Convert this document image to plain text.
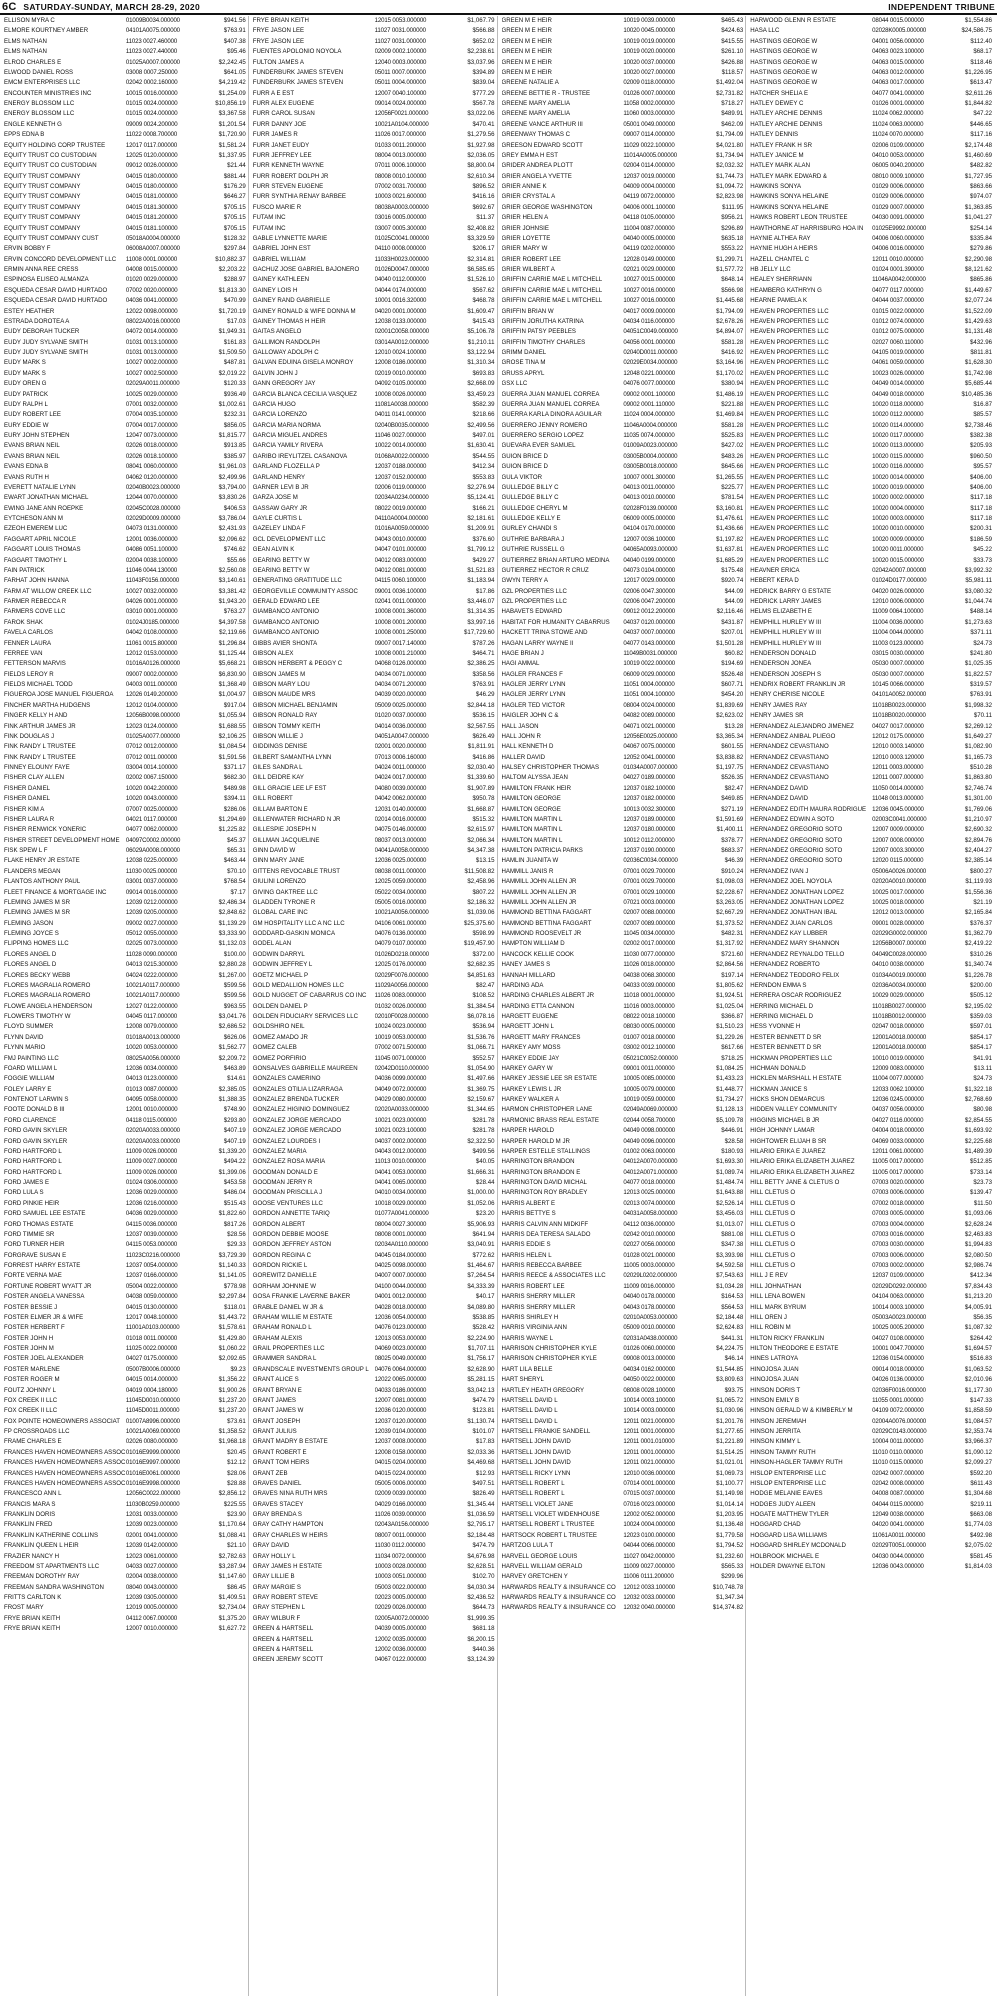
6C SATURDAY-SUNDAY, MARCH 28-29, 2020	INDEPENDENT TRIBUNE
ELLISON MYRA C	01009B0034.000000	$941.56
ELMORE KOURTNEY AMBER	04101A0075.000000	$763.91
ELMS NATHAN	11023 0027.460000	$407.38
ELMS NATHAN	11023 0027.440000	$95.46
ELROD CHARLES E	01025A0007.000000	$2,242.45
ELWOOD DANIEL ROSS	03008 0007.250000	$641.05
EMCM ENTERPRISES LLC	02042 0002.160000	$4,219.42
ENCOUNTER MINISTRIES INC	10015 0016.000000	$1,254.09
ENERGY BLOSSOM LLC	01015 0024.000000	$10,856.19
ENERGY BLOSSOM LLC	01015 0024.000000	$3,367.58
ENGLE KENNETH G	09009 0024.200000	$1,201.54
EPPS EDNA B	11022 0008.700000	$1,720.90
EQUITY HOLDING CORP TRUSTEE	12017 0117.000000	$1,581.24
EQUITY TRUST CO CUSTODIAN	12025 0120.000000	$1,337.95
EQUITY TRUST CO CUSTODIAN	09012 0026.000000	$21.44
EQUITY TRUST COMPANY	04015 0180.000000	$881.44
EQUITY TRUST COMPANY	04015 0180.000000	$176.29
EQUITY TRUST COMPANY	04015 0181.000000	$646.27
EQUITY TRUST COMPANY	04015 0181.300000	$705.15
EQUITY TRUST COMPANY	04015 0181.200000	$705.15
EQUITY TRUST COMPANY	04015 0181.100000	$705.15
EQUITY TRUST COMPANY CUST	05018A0004.000000	$128.32
ERVIN BOBBY F	06008A0007.000000	$297.84
ERVIN CONCORD DEVELOPMENT LLC	11008 0001.000000	$10,882.37
ERMIN ANNA REE CRESS	04008 0015.000000	$2,203.22
ESPINOSA ELISEO ALMANZA	01020 0029.000000	$288.97
ESQUEDA CESAR DAVID HURTADO	07002 0020.000000	$1,813.30
ESQUEDA CESAR DAVID HURTADO	04036 0041.000000	$470.99
ESTEY HEATHER	12022 0098.000000	$1,720.19
ESTRADA DOROTEA A	08022A0016.000000	$17.03
EUDY DEBORAH TUCKER	04072 0014.000000	$1,949.31
EUDY JUDY SYLVANE SMITH	01031 0013.100000	$161.83
EUDY JUDY SYLVANE SMITH	01031 0013.000000	$1,509.50
EUDY MARK S	10027 0002.000000	$487.81
EUDY MARK S	10027 0002.500000	$2,019.22
EUDY OREN G	02029A0011.000000	$120.33
EUDY PATRICK	10025 0029.000000	$936.49
EUDY RALPH L	07001 0032.000000	$1,002.61
EUDY ROBERT LEE	07004 0035.100000	$232.31
EURY EDDIE W	07004 0017.000000	$856.05
EURY JOHN STEPHEN	12047 0073.000000	$1,815.77
EVANS BRIAN NEIL	02026 0018.000000	$913.85
EVANS BRIAN NEIL	02026 0018.100000	$385.97
EVANS EDNA B	08041 0060.000000	$1,961.03
EVANS RUTH H	04062 0120.000000	$2,499.96
EVERETT NATALIE LYNN	02040B0023.000000	$3,794.00
EWART JONATHAN MICHAEL	12044 0070.000000	$3,830.26
EWING JANE ANN ROEPKE	02045C0028.000000	$406.53
EYTCHESON ANN M	02029D0009.000000	$3,786.04
EZEOH EMEREM LUC	04073 0131.000000	$2,431.93
FAGGART APRIL NICOLE	12001 0036.000000	$2,096.62
FAGGART LOUIS THOMAS	04086 0051.100000	$746.62
FAGGART TIMOTHY L	02004 0038.100000	$55.66
FAIN PATRICK	11046 0044.130000	$2,560.08
FARHAT JOHN HANNA	11043F0156.000000	$3,140.61
FARM AT WILLOW CREEK LLC	10027 0032.000000	$3,381.42
FARMER REBECCA R	04026 0001.000000	$1,943.20
FARMERS COVE LLC	03010 0001.000000	$763.27
FAROK SHAK	01024J0185.000000	$4,397.58
FAVELA CARLOS	04042 0108.000000	$2,119.66
FENNER LAURA	11061 0015.800000	$1,296.84
FERREE VAN	12012 0153.000000	$1,125.44
FETTERSON MARVIS	01016A0126.000000	$5,668.21
FIELDS LEROY R	09007 0002.000000	$6,830.90
FIELDS MICHAEL TODD	04003 0011.000000	$1,368.49
FIGUEROA JOSE MANUEL FIGUEROA	12026 0149.200000	$1,004.97
FINCHER MARTHA HUDGENS	12012 0104.000000	$917.04
FINGER KELLY H AND	12056B0098.000000	$1,055.94
FINK ARTHUR JAMES JR	12023 0124.000000	$1,688.55
FINK DOUGLAS J	01025A0077.000000	$2,106.25
FINK RANDY L TRUSTEE	07012 0012.000000	$1,084.54
FINK RANDY L TRUSTEE	07012 0011.000000	$1,591.56
FINNEY ELOUNY FAYE	03004 0014.100000	$371.17
FISHER CLAY ALLEN	02002 0067.150000	$682.30
FISHER DANIEL	10020 0042.200000	$489.98
FISHER DANIEL	10020 0043.000000	$394.11
FISHER KIM A	07007 0025.000000	$286.06
FISHER LAURA R	04021 0117.000000	$1,294.69
FISHER RENWICK YONERIC	04077 0062.000000	$1,225.82
FISHER STREET DEVELOPMENT HOME	04097C0002.000000	$45.37
FISK SPEW L F	06029A0008.000000	$65.31
FLAKE HENRY JR ESTATE	12038 0225.000000	$463.44
FLANDERS MEGAN	11030 0025.000000	$70.10
FLANTOS ANTHONY PAUL	03001 0037.000000	$768.54
FLEET FINANCE & MORTGAGE INC	09014 0016.000000	$7.17
FLEMING JAMES M SR	12039 0212.000000	$2,486.34
FLEMING JAMES M SR	12039 0205.000000	$2,848.62
FLEMING JASON	09002 0027.000000	$1,139.29
FLEMING JOYCE S	05012 0055.000000	$3,333.90
FLIPPING HOMES LLC	02025 0073.000000	$1,132.03
FLORES ANGEL D	11028 0090.000000	$100.00
FLORES ANGEL D	04013 0215.300000	$2,880.28
FLORES BECKY WEBB	04024 0222.000000	$1,267.00
FLORES MAGRALIA ROMERO	10021A0117.000000	$599.56
FLORES MAGRALIA ROMERO	10021A0117.000000	$599.56
FLOWE ANGELA HENDERSON	12027 0122.000000	$963.55
FLOWERS TIMOTHY W	04045 0117.000000	$3,041.76
FLOYD SUMMER	12008 0079.000000	$2,686.52
FLYNN DAVID	01018A0013.000000	$626.06
FLYNN MARIO	10020 0053.000000	$1,562.77
FMJ PAINTING LLC	08025A0056.000000	$2,209.72
FOARD WILLIAM L	12036 0034.000000	$463.89
FOGGIE WILLIAM	04013 0123.000000	$14.61
FOLEY LARRY E	01013 0087.000000	$2,385.05
FONTENOT LARWIN S	04095 0058.000000	$1,388.35
FOOTE DONALD B III	12001 0010.000000	$748.90
FORD CLARENCE	04118 0115.000000	$293.80
FORD GAVIN SKYLER	02020A0033.000000	$407.19
FORD GAVIN SKYLER	02020A0033.000000	$407.19
FORD HARTFORD L	11009 0026.000000	$1,339.20
FORD HARTFORD L	11009 0027.000000	$494.22
FORD HARTFORD L	11009 0026.000000	$1,399.06
FORD JAMES E	01024 0306.000000	$453.58
FORD LULA S	12036 0029.000000	$486.04
FORD PINKIE HEIR	12036 0216.000000	$515.43
FORD SAMUEL LEE ESTATE	04036 0029.000000	$1,822.60
FORD THOMAS ESTATE	04115 0036.000000	$817.26
FORD TIMMIE SR	12037 0039.000000	$28.56
FORD TURNER HEIR	04115 0053.000000	$29.33
FORGRAVE SUSAN E	11023C0216.000000	$3,729.39
FORREST HARRY ESTATE	12037 0054.000000	$1,140.33
FORTE VERNA MAE	12037 0166.000000	$1,141.05
FORTUNE ROBERT WYATT JR	05004 0022.000000	$778.98
FOSTER ANGELA VANESSA	04038 0059.000000	$2,297.84
FOSTER BESSIE J	04015 0130.000000	$118.01
FOSTER ELMER JR & WIFE	12017 0048.100000	$1,443.72
FOSTER HERBERT F	11001A0103.000000	$1,578.61
FOSTER JOHN H	01018 0011.000000	$1,429.80
FOSTER JOHN M	11025 0022.000000	$1,060.22
FOSTER JOEL ALEXANDER	04027 0175.000000	$2,092.65
FOSTER MARLENE	05007B0006.000000	$9.23
FOSTER ROGER M	04015 0014.000000	$1,356.22
FOUTZ JOHNNY L	04019 0004.180000	$1,900.26
FOX CREEK II LLC	11045D0010.000000	$1,237.20
FOX CREEK II LLC	11045D0011.000000	$1,237.20
FOX POINTE HOMEOWNERS ASSOCIAT 01007A8996.000000	$73.61
FP CROSSROADS LLC	10021A0069.000000	$1,358.52
FRAME CHARLES E	02026 0080.000000	$1,968.18
FRANCES HAVEN HOMEOWNERS ASSOC 01016E9999.000000	$20.45
FRANCES HAVEN HOMEOWNERS ASSOC 01016E9997.000000	$12.12
FRANCES HAVEN HOMEOWNERS ASSOC 01016E0061.000000	$28.06
FRANCES HAVEN HOMEOWNERS ASSOC 01016E9998.000000	$28.88
FRANCESCO ANN L	12056C0022.000000	$2,856.12
FRANCIS MARA S	11030B0259.000000	$225.55
FRANKLIN DORIS	12031 0033.000000	$23.90
FRANKLIN FRED	12039 0023.000000	$1,170.64
FRANKLIN KATHERINE COLLINS	02001 0041.000000	$1,088.41
FRANKLIN QUEEN L HEIR	12039 0142.000000	$21.10
FRAZIER NANCY H	12023 0061.000000	$2,782.63
FREEDOM ST APARTMENTS LLC	04033 0027.000000	$3,287.94
FREEMAN DOROTHY RAY	02004 0038.000000	$1,147.60
FREEMAN SANDRA WASHINGTON	08040 0043.000000	$86.45
FRITTS CARLTON K	12039 0305.000000	$1,409.51
FROST MARY	12019 0005.000000	$2,734.04
FRYE BRIAN KEITH	04112 0067.000000	$1,375.20
FRYE BRIAN KEITH	12007 0010.000000	$1,627.72
FRYE BRIAN KEITH	12015 0053.000000	$1,067.79
FRYE JASON LEE	11027 0031.000000	$566.88
FRYE JASON LEE	11027 0031.000000	$652.02
FUENTES APOLONIO NOYOLA	02009 0002.100000	$2,238.61
FULTON JAMES A	12040 0003.000000	$3,037.96
FUNDERBURK JAMES STEVEN	05011 0007.000000	$394.89
FUNDERBURK JAMES STEVEN	05011 0004.000000	$839.04
FURR A E EST	12007 0040.100000	$777.29
FURR ALEX EUGENE	09014 0024.000000	$567.78
FURR CAROL SUSAN	12056F0021.000000	$3,022.06
FURR DANNY JOE	10021A0104.000000	$470.41
FURR JAMES R	11026 0017.000000	$1,279.56
FURR JANET EUDY	01033 0011.200000	$1,927.98
FURR JEFFREY LEE	08004 0013.000000	$2,036.05
FURR KENNETH WAYNE	07011 0006.100000	$8,800.04
FURR ROBERT DOLPH JR	08008 0010.100000	$2,610.34
FURR STEVEN EUGENE	07002 0031.700000	$896.52
FURR SYNTHIA RENAY BARBEE	10003 0021.600000	$416.16
FUSCO MARIE R	08038A0003.000000	$692.67
FUTAM INC	03016 0005.000000	$11.37
FUTAM INC	03007 0005.300000	$2,408.82
GABLE LYNNETTE MARIE	01025C0041.000000	$3,329.59
GABRIEL JOHN EST	04110 0008.000000	$206.17
GABRIEL WILLIAM	11033H0023.000000	$2,314.81
GACHUZ JOSE GABRIEL BAJONERO	01026D0047.000000	$6,585.65
GAINEY KATHLEEN	04040 0112.000000	$1,526.10
GAINEY LOIS H	04044 0174.000000	$567.62
GAINEY RAND GABRIELLE	10001 0016.320000	$468.78
GAINEY RONALD & WIFE DONNA M	04020 0001.000000	$1,609.47
GAINEY THOMAS H HEIR	12038 0133.000000	$415.43
GAITAS ANGELO	02001C0058.000000	$5,106.78
GALLIMON RANDOLPH	03014A0012.000000	$1,210.11
GALLOWAY ADOLPH C	12010 0024.100000	$3,122.94
GALVAN EDUINA GISELA MONROY	12008 0186.000000	$1,310.34
GALVIN JOHN J	02019 0010.000000	$693.83
GANN GREGORY JAY	04092 0105.000000	$2,668.09
GARCIA BLANCA CECILIA VASQUEZ	10008 0026.000000	$3,459.23
GARCIA HUGO	11081A0038.000000	$582.39
GARCIA LORENZO	04011 0141.000000	$218.66
GARCIA MARIA NORMA	02040B0035.000000	$2,499.56
GARCIA MIGUEL ANDRES	11046 0027.000000	$497.01
GARCIA YAMILY RIVERA	10022 0014.000000	$1,630.41
GARIBO IREYLITZEL CASANOVA	01068A0022.000000	$544.55
GARLAND FLOZELLA P	12037 0188.000000	$412.34
GARLAND HENRY	12037 0152.000000	$553.83
GARNER LEVI B JR	02006 0119.000000	$2,276.94
GARZA JOSE M	02034A0234.000000	$5,124.41
GASSAW GARY JR	08022 0019.000000	$166.21
GAYLE CURTIS L	04110A0004.000000	$2,181.61
GAZELEY LINDA F	01016A0059.000000	$1,209.91
GCL DEVELOPMENT LLC	04043 0010.000000	$376.60
GEAN ALVIN K	04047 0101.000000	$1,799.12
GEARING BETTY W	04012 0083.000000	$429.27
GEARING BETTY W	04012 0081.000000	$1,521.83
GENERATING GRATITUDE LLC	04115 0060.100000	$1,183.94
GEORGEVILLE COMMUNITY ASSOC	09001 0036.100000	$17.86
GERALD EDWARD LEE	02041 0011.000000	$3,446.07
GIAMBANCO ANTONIO	10008 0001.360000	$1,314.35
GIAMBANCO ANTONIO	10008 0001.200000	$3,997.16
GIAMBANCO ANTONIO	10008 0001.250000	$17,729.60
GIBBS AVIER SHONTA	09007 0017.140000	$787.26
GIBSON ALEX	10008 0001.210000	$464.71
GIBSON HERBERT & PEGGY C	04068 0126.000000	$2,386.25
GIBSON JAMES M	04034 0071.000000	$358.56
GIBSON MARY LOU	04034 0071.200000	$763.91
GIBSON MAUDE MRS	04039 0020.000000	$46.29
GIBSON MICHAEL BENJAMIN	05009 0025.000000	$2,844.18
GIBSON RONALD RAY	01020 0037.000000	$536.15
GIBSON TOMMY KEITH	04014 0036.000000	$2,567.55
GIBSON WILLIE J	04051A0047.000000	$626.49
GIDDINGS DENISE	02001 0020.000000	$1,811.91
GILBERT SAMANTHA LYNN	07013 0006.160000	$416.86
GILES SANDRA L	04024 0011.000000	$2,030.40
GILL DEIDRE KAY	04024 0017.000000	$1,339.60
GILL GRACIE LEE LF EST	04080 0039.000000	$1,907.89
GILL ROBERT	04042 0062.000000	$950.78
GILLAM BARTON E	12031 0140.000000	$1,668.87
GILLENWATER RICHARD N JR	02014 0016.000000	$515.32
GILLESPIE JOSEPH N	04075 0146.000000	$2,615.97
GILLMAN JACQUELINE	08037 0013.000000	$2,066.34
GINN DAVID W	04041A0058.000000	$4,347.38
GINN MARY JANE	12036 0025.000000	$13.15
GITTENS REVOCABLE TRUST	08038 0011.000000	$11,508.82
GIULINI LORENZO	12025 0059.000000	$2,458.96
GIVING OAKTREE LLC	05022 0034.000000	$807.22
GLADDEN TYRONE R	05005 0016.000000	$2,186.32
GLOBAL CARE INC	10021A0056.000000	$1,039.06
GM HOSPITALITY LLC A NC LLC	04106 0061.000000	$25,375.60
GODDARD-GASKIN MONICA	04076 0136.000000	$598.99
GODEL ALAN	04079 0107.000000	$19,457.90
GODWIN DARRYL	01026D0218.000000	$372.00
GODWIN JEFFREY L	12025 0176.000000	$2,682.35
GOETZ MICHAEL P	02029F0076.000000	$4,851.63
GOLD MEDALLION HOMES LLC	11029A0056.000000	$82.47
GOLD NUGGET OF CABARRUS CO INC	11026 0083.000000	$108.52
GOLDEN DANIEL P	01032 0026.000000	$1,384.54
GOLDEN FIDUCIARY SERVICES LLC	02010F0028.000000	$6,078.16
GOLDSHIRO NEIL	10024 0023.000000	$536.94
GOMEZ AMADO JR	10019 0053.000000	$1,536.76
GOMEZ CALEB	07002 0071.500000	$1,066.71
GOMEZ PORFIRIO	11045 0071.000000	$552.57
GONSALVES GABRIELLE MAUREEN	02042D0110.000000	$1,054.90
GONZALES CAMERINO	04036 0099.000000	$1,497.66
GONZALES OTILIA LIZARRAGA	04049 0072.000000	$1,369.75
GONZALEZ BRENDA TUCKER	04029 0080.000000	$2,159.67
GONZALEZ HIGINIO DOMINGUEZ	02020A0033.000000	$1,344.65
GONZALEZ JORGE MERCADO	10021 0023.000000	$281.78
GONZALEZ JORGE MERCADO	10021 0023.100000	$281.78
GONZALEZ LOURDES I	04037 0002.000000	$2,322.50
GONZALEZ MARIA	04043 0012.000000	$499.56
GONZALEZ ROSA MARIA	11013 0010.000000	$40.05
GOODMAN DONALD E	04041 0053.000000	$1,666.31
GOODMAN JERRY R	04041 0065.000000	$28.44
GOODMAN PRISCILLA J	04010 0034.000000	$1,000.00
GOOSE VENTURES LLC	10018 0029.000000	$1,052.06
GORDON ANNETTE TARIQ	01077A0041.000000	$23.20
GORDON ALBERT	08004 0027.300000	$5,906.93
GORDON DEBBIE MOOSE	08008 0001.000000	$641.94
GORDON JEFFREY ASTON	02034A0110.000000	$3,040.91
GORDON REGINA C	04045 0184.000000	$772.62
GORDON RICKIE L	04025 0098.000000	$1,464.67
GOREWITZ DANIELLE	04007 0007.000000	$7,264.54
GORHAM JOHNNIE W	04100 0044.000000	$4,333.39
GOSA FRANKIE LAVERNE BAKER	04001 0012.000000	$40.17
GRABLE DANIEL W JR &	04028 0018.000000	$4,089.80
GRAHAM WILLIE M ESTATE	12036 0054.000000	$538.85
GRAHAM RONALD L	04076 0123.000000	$528.42
GRAHAM ALEXIS	12013 0053.000000	$2,224.90
GRAIL PROPERTIES LLC	04069 0023.000000	$1,707.11
GRAMMER SANDRA L	08025 0049.000000	$1,756.17
GRANDSCALE INVESTMENTS GROUP L 04076 0064.000000	$2,628.90
GRANT ALICE S	12022 0065.000000	$5,281.15
GRANT BRYAN E	04033 0186.000000	$3,042.13
GRANT JAMES	12007 0081.000000	$474.79
GRANT JAMES W	12036 0120.000000	$123.81
GRANT JOSEPH	12037 0120.000000	$1,130.74
GRANT JULIUS	12039 0104.000000	$101.07
GRANT MADRY B ESTATE	12037 0008.000000	$17.83
GRANT ROBERT E	12008 0158.000000	$2,033.36
GRANT TOM HEIRS	04015 0204.000000	$4,469.68
GRANT ZEB	04015 0224.000000	$12.93
GRAVES DANIEL	05005 0006.000000	$497.51
GRAVES NINA RUTH MRS	02009 0039.000000	$826.49
GRAVES STACEY	04029 0166.000000	$1,345.44
GRAY BRENDA S	11026 0039.000000	$1,036.59
GRAY CATHY HAMPTON	02043A0156.000000	$2,795.17
GRAY CHARLES W HEIRS	08007 0011.000000	$2,184.48
GRAY DAVID	11030 0112.000000	$474.79
GRAY HOLLY L	11034 0072.000000	$4,676.98
GRAY JAMES H ESTATE	10003 0028.000000	$2,628.51
GRAY LILLIE B	10003 0051.000000	$102.70
GRAY MARGIE S	05003 0022.000000	$4,030.34
GRAY ROBERT STEVE	02023 0005.000000	$2,436.52
GRAY STEPHEN L	02029 0026.000000	$644.73
GRAY WILBUR F	02005A0072.000000	$1,999.35
GREEN & HARTSELL	04039 0005.000000	$681.18
GREEN & HARTSELL	12002 0035.000000	$6,200.15
GREEN & HARTSELL	12002 0036.000000	$440.36
GREEN JEREMY SCOTT	04067 0122.000000	$3,124.39
GREEN M E HEIR	10019 0039.000000	$465.43
GREEN M E HEIR	10020 0045.000000	$424.63
GREEN M E HEIR	10019 0019.000000	$415.55
GREEN M E HEIR	10019 0020.000000	$261.10
GREEN M E HEIR	10020 0037.000000	$426.88
GREEN M E HEIR	10020 0027.000000	$118.57
GREENE NATALIE A	02009 0118.000000	$1,492.04
GREENE BETTIE R - TRUSTEE	01026 0007.000000	$2,731.82
GREENE MARY AMELIA	11058 0002.000000	$718.27
GREENE MARY AMELIA	11060 0003.000000	$489.91
GREENE VANCE ARTHUR III	05001 0049.000000	$462.09
GREENWAY THOMAS C	09007 0114.000000	$1,794.09
GREESON EDWARD SCOTT	11029 0022.100000	$4,021.80
GREY EMMA H EST	11014A0005.000000	$1,734.94
GRIDER ANDREA PLOTT	02004 0114.000000	$2,032.32
GRIER ANGELA YVETTE	12037 0019.000000	$1,744.73
GRIER ANNIE K	04009 0004.000000	$1,094.72
GRIER CRYSTAL A	04119 0072.000000	$2,823.98
GRIER GEORGE WASHINGTON	04006 0001.100000	$111.95
GRIER HELEN A	04118 0105.000000	$956.21
GRIER JOHNSIE	11004 0087.000000	$296.89
GRIER LOYETTE	04040 0005.000000	$635.18
GRIER MARY W	04119 0202.000000	$553.22
GRIER ROBERT LEE	12028 0149.000000	$1,299.71
GRIER WILBERT A	02021 0029.000000	$1,577.72
GRIFFIN CARRIE MAE L MITCHELL	10027 0015.000000	$648.14
GRIFFIN CARRIE MAE L MITCHELL	10027 0016.000000	$566.98
GRIFFIN CARRIE MAE L MITCHELL	10027 0016.000000	$1,445.68
GRIFFIN BRIAN W	04017 0009.000000	$1,794.09
GRIFFIN JORUTHA KATRINA	04034 0116.000000	$2,678.26
GRIFFIN PATSY PEEBLES	04051C0049.000000	$4,894.07
GRIFFIN TIMOTHY CHARLES	04056 0001.000000	$581.28
GRIMM DANIEL	02040D0011.000000	$416.92
GROSE TINA M	02029E0034.000000	$3,164.96
GRUSS APRYL	12048 0221.000000	$1,170.02
GSX LLC	04076 0077.000000	$380.94
GUERRA JUAN MANUEL CORREA	09002 0001.100000	$1,486.19
GUERRA JUAN MANUEL CORREA	09002 0001.110000	$221.88
GUERRA KARLA DINORA AGUILAR	11024 0004.000000	$1,469.84
GUERRERO JENNY ROMERO	11046A0004.000000	$581.28
GUERRERO SERGIO LOPEZ	11035 0074.000000	$525.83
GUEVARA EVER SAMUEL	01009A0023.000000	$427.02
GUION BRICE D	03005B0004.000000	$483.26
GUION BRICE D	03005B0018.000000	$645.66
GULA VIKTOR	10007 0001.300000	$1,265.55
GULLEDGE BILLY C	04013 0011.000000	$225.77
GULLEDGE BILLY C	04013 0010.000000	$781.54
GULLEDGE CHERYL M	02028F0139.000000	$3,160.81
GULLEDGE KELLY E	06009 0005.000000	$1,476.61
GURLEY CHANDI S	04104 0170.000000	$1,436.66
GUTHRIE BARBARA J	12007 0036.100000	$1,197.82
GUTHRIE RUSSELL G	04065A0093.000000	$1,637.81
GUTIERREZ BRIAN ARTURO MEDINA	04040 0199.000000	$1,685.29
GUTIERREZ HECTOR R CRUZ	04073 0104.000000	$175.48
GWYN TERRY A	12017 0029.000000	$920.74
GZL PROPERTIES LLC	02006 0047.300000	$44.09
GZL PROPERTIES LLC	02006 0047.200000	$44.09
HABAVETS EDWARD	09012 0012.200000	$2,116.46
HABITAT FOR HUMANITY CABARRUS	04037 0120.000000	$431.87
HACKETT TRINA STOWE AND	04037 0007.000000	$207.01
HAGAN LARRY WAYNE II	04077 0143.000000	$1,501.28
HAGE BRIAN J	11049B0031.000000	$60.82
HAGI AMMAL	10019 0022.000000	$194.69
HAGLER FRANCES F	06009 0029.000000	$526.48
HAGLER JERRY LYNN	11051 0004.000000	$607.71
HAGLER JERRY LYNN	11051 0004.100000	$454.20
HAGLER TED VICTOR	08004 0024.000000	$1,839.69
HAIGLER JOHN C &	04082 0089.000000	$2,623.02
HALL JASON	04071 0021.000000	$13.28
HALL JOHN R	12056E0025.000000	$3,365.34
HALL KENNETH D	04067 0075.000000	$601.55
HALLER DAVID	12052 0041.000000	$3,838.82
HALSEY CHRISTOPHER THOMAS	01034A0007.000000	$1,197.75
HALTOM ALYSSA JEAN	04027 0189.000000	$526.35
HAMILTON FRANK HEIR	12037 0182.100000	$82.47
HAMILTON GEORGE	12037 0182.000000	$469.85
HAMILTON GEORGE	10013 0032.300000	$271.19
HAMILTON MARTIN L	12037 0189.000000	$1,591.69
HAMILTON MARTIN L	12037 0180.000000	$1,400.11
HAMILTON MARTIN L	10012 0112.000000	$378.77
HAMILTON PATRICIA PARKS	12037 0190.000000	$683.37
HAMLIN JUANITA W	02036C0034.000000	$46.39
HAMMILL JANIS R	07001 0029.700000	$910.24
HAMMILL JOHN ALLEN JR	07001 0029.700000	$1,098.03
HAMMILL JOHN ALLEN JR	07001 0029.100000	$2,228.67
HAMMILL JOHN ALLEN JR	07021 0003.000000	$3,263.05
HAMMOND BETTINA FAGGART	02007 0088.000000	$2,667.29
HAMMOND BETTINA FAGGART	02007 0089.000000	$1,373.52
HAMMOND ROOSEVELT JR	11045 0034.000000	$482.31
HAMPTON WILLIAM D	02002 0017.000000	$1,317.92
HANCOCK KELLIE COOK	11030 0077.000000	$721.60
HANEY JAMES S	11026 0018.000000	$2,864.56
HANNAH MILLARD	04038 0068.300000	$197.14
HARDING ADA	04033 0039.000000	$1,805.62
HARDING CHARLES ALBERT JR	11018 0001.000000	$1,924.51
HARDING ETTA CANNON	11016 0003.000000	$1,025.04
HARGETT EUGENE	08022 0018.100000	$366.87
HARGETT JOHN L	08030 0005.000000	$1,510.23
HARGETT MARY FRANCES	01007 0018.000000	$1,229.26
HARKEY AMY MOSS	03002 0012.100000	$617.66
HARKEY EDDIE JAY	05021C0052.000000	$718.25
HARKEY GARY W	09001 0011.000000	$1,084.25
HARKEY JESSIE LEE SR ESTATE	10005 0085.000000	$1,433.23
HARKEY LEWIS L JR	10005 0079.000000	$1,448.77
HARKEY WALKER A	10019 0059.000000	$1,734.27
HARMON CHRISTOPHER LANE	02049A0069.000000	$1,128.13
HARMONIC BRASS REAL ESTATE	02044 0058.700000	$5,109.78
HARPER HAROLD	04049 0098.000000	$446.91
HARPER HAROLD M JR	04049 0096.000000	$28.58
HARPER ESTELLE STALLINGS	01002 0063.000000	$180.93
HARRINGTON BRANDON	04012A0070.000000	$1,693.30
HARRINGTON BRANDON E	04012A0071.000000	$1,089.74
HARRINGTON DAVID MICHAL	04077 0018.000000	$1,484.74
HARRINGTON ROY BRADLEY	12013 0025.000000	$1,643.88
HARRIS ALBERT E	02013 0074.000000	$2,526.14
HARRIS BETTYE S	04031A0058.000000	$3,456.03
HARRIS CALVIN ANN MIDKIFF	04112 0036.000000	$1,013.07
HARRIS DEA TERESA SALADO	02042 0010.000000	$881.08
HARRIS EDDIE S	02027 0056.000000	$347.38
HARRIS HELEN L	01028 0021.000000	$3,393.98
HARRIS REBECCA BARBEE	11005 0003.000000	$4,592.58
HARRIS REECE & ASSOCIATES LLC	02029L0202.000000	$7,543.63
HARRIS ROBERT LEE	11009 0016.000000	$1,034.28
HARRIS SHERRY MILLER	04040 0178.000000	$164.53
HARRIS SHERRY MILLER	04043 0178.000000	$564.53
HARRIS SHIRLEY H	02010A0053.000000	$2,184.48
HARRIS VIRGINIA ANN	05009 0010.000000	$2,624.83
HARRIS WAYNE L	02031A0438.000000	$441.31
HARRISON CHRISTOPHER KYLE	01026 0060.000000	$4,224.75
HARRISON CHRISTOPHER KYLE	09008 0013.000000	$46.14
HART LILA BELLE	04034 0162.000000	$1,544.85
HART SHERYL	04050 0022.000000	$3,809.63
HARTLEY HEATH GREGORY	08008 0028.100000	$93.75
HARTSELL DAVID L	10014 0003.100000	$1,065.72
HARTSELL DAVID L	10014 0003.000000	$1,030.96
HARTSELL DAVID L	12011 0021.000000	$1,201.76
HARTSELL FRANKIE SANDELL	12011 0001.000000	$1,277.65
HARTSELL JOHN DAVID	12011 0001.010000	$1,221.89
HARTSELL JOHN DAVID	12011 0001.000000	$1,514.25
HARTSELL JOHN DAVID	12011 0021.000000	$1,021.01
HARTSELL RICKY LYNN	12010 0036.000000	$1,069.73
HARTSELL ROBERT L	07014 0001.000000	$1,100.77
HARTSELL ROBERT L	07015 0037.000000	$1,149.98
HARTSELL VIOLET JANE	07016 0023.000000	$1,014.14
HARTSELL VIOLET WIDENHOUSE	12002 0052.000000	$1,203.95
HARTSELL ROBERT L TRUSTEE	10024 0004.000000	$1,136.48
HARTSOCK ROBERT L TRUSTEE	12023 0100.000000	$1,779.58
HARTZOG LULA T	04044 0066.000000	$1,794.52
HARVELL GEORGE LOUIS	11027 0042.000000	$1,232.60
HARVELL WILLIAM GERALD	11009 0027.000000	$565.33
HARVEY GRETCHEN Y	11006 0111.200000	$299.96
HARWARDS REALTY & INSURANCE CO	12012 0033.100000	$10,748.78
HARWARDS REALTY & INSURANCE CO	12032 0033.000000	$1,347.34
HARWARDS REALTY & INSURANCE CO	12032 0040.000000	$14,374.82
HARWOOD GLENN R ESTATE	08044 0015.000000	$1,554.86
HASA LLC	02028K0005.000000	$24,586.75
HASTINGS GEORGE W	04001 0056.000000	$112.40
HASTINGS GEORGE W	04063 0023.100000	$68.17
HASTINGS GEORGE W	04063 0015.000000	$118.46
HASTINGS GEORGE W	04063 0012.000000	$1,226.95
HASTINGS GEORGE W	04063 0017.000000	$613.47
HATCHER SHELIA E	04077 0041.000000	$2,611.26
HATLEY DEWEY C	01026 0001.000000	$1,844.82
HATLEY ARCHIE DENNIS	11024 0062.000000	$47.22
HATLEY ARCHIE DENNIS	11024 0063.000000	$446.65
HATLEY DENNIS	11024 0070.000000	$117.16
HATLEY FRANK H SR	02006 0109.000000	$2,174.48
HATLEY JANICE M	04010 0053.000000	$1,460.69
HATLEY MARK ALAN	06005 0040.200000	$482.82
HATLEY MARK EDWARD &	08010 0009.100000	$1,727.95
HAWKINS SONYA	01029 0006.000000	$863.66
HAWKINS SONYA HELAINE	01029 0006.000000	$974.07
HAWKINS SONYA HELAINE	01029 0007.000000	$1,363.85
HAWKS ROBERT LEON TRUSTEE	04030 0091.000000	$1,041.27
HAWTHORNE AT HARRISBURG HOA IN	01025E9992.000000	$254.14
HAYNIE ALTHEA RAY	04006 0060.000000	$335.84
HAYNIE HUGH A HEIRS	04006 0016.000000	$279.86
HAZELL CHANTEL C	12011 0010.000000	$2,290.98
HB JELLY LLC	01024 0001.390000	$8,121.62
HEALEY SHERRIANN	11046A0042.000000	$865.86
HEAMBERG KATHRYN G	04077 0117.000000	$1,449.67
HEARNE PAMELA K	04044 0037.000000	$2,077.24
HEAVEN PROPERTIES LLC	01015 0022.000000	$1,522.09
HEAVEN PROPERTIES LLC	01012 0074.000000	$1,429.63
HEAVEN PROPERTIES LLC	01012 0075.000000	$1,131.48
HEAVEN PROPERTIES LLC	02027 0060.110000	$432.96
HEAVEN PROPERTIES LLC	04105 0019.000000	$811.81
HEAVEN PROPERTIES LLC	04061 0059.000000	$1,628.30
HEAVEN PROPERTIES LLC	10023 0026.000000	$1,742.98
HEAVEN PROPERTIES LLC	04049 0014.000000	$5,685.44
HEAVEN PROPERTIES LLC	04049 0018.000000	$10,485.36
HEAVEN PROPERTIES LLC	10020 0118.000000	$16.87
HEAVEN PROPERTIES LLC	10020 0112.000000	$85.57
HEAVEN PROPERTIES LLC	10020 0114.000000	$2,738.46
HEAVEN PROPERTIES LLC	10020 0117.000000	$382.38
HEAVEN PROPERTIES LLC	10020 0113.000000	$205.93
HEAVEN PROPERTIES LLC	10020 0115.000000	$960.50
HEAVEN PROPERTIES LLC	10020 0116.000000	$95.57
HEAVEN PROPERTIES LLC	10020 0014.000000	$406.00
HEAVEN PROPERTIES LLC	10020 0019.000000	$406.00
HEAVEN PROPERTIES LLC	10020 0002.000000	$117.18
HEAVEN PROPERTIES LLC	10020 0004.000000	$117.18
HEAVEN PROPERTIES LLC	10020 0003.000000	$117.18
HEAVEN PROPERTIES LLC	10020 0010.000000	$200.31
HEAVEN PROPERTIES LLC	10020 0009.000000	$186.59
HEAVEN PROPERTIES LLC	10020 0011.000000	$45.22
HEAVEN PROPERTIES LLC	10020 0015.000000	$33.73
HEAVNER ERICA	02042A0007.000000	$3,992.32
HEBERT KERA D	01024D0177.000000	$5,981.11
HEDRICK BARRY G ESTATE	04020 0026.000000	$3,080.32
HEDRICK LARRY JAMES	12010 0006.000000	$1,044.74
HELMS ELIZABETH E	11009 0064.100000	$488.14
HEMPHILL HURLEY W III	11004 0036.000000	$1,273.63
HEMPHILL HURLEY W III	11004 0044.000000	$371.11
HEMPHILL HURLEY W III	11003 0123.000000	$24.73
HENDERSON DONALD	03015 0030.000000	$241.80
HENDERSON JONEA	05030 0007.000000	$1,025.35
HENDERSON JOSEPH S	05030 0007.000000	$1,822.57
HENDRIX ROBERT FRANKLIN JR	10145 0066.000000	$319.57
HENRY CHERISE NICOLE	04101A0052.000000	$763.91
HENRY JAMES RAY	11018B0023.000000	$1,998.32
HENRY JAMES SR	11018B0020.000000	$70.11
HERNANDEZ ALEJANDRO JIMENEZ	04027 0017.000000	$2,269.12
HERNANDEZ ANIBAL PLIEGO	12012 0175.000000	$1,649.27
HERNANDEZ CEVASTIANO	12010 0003.140000	$1,082.90
HERNANDEZ CEVASTIANO	12010 0003.120000	$1,165.73
HERNANDEZ CEVASTIANO	12011 0003.000000	$510.28
HERNANDEZ CEVASTIANO	12011 0007.000000	$1,863.80
HERNANDEZ DAVID	11050 0014.000000	$2,746.74
HERNANDEZ DAVID	11048 0013.000000	$1,301.00
HERNANDEZ EDITH MAURA RODRIGUE 12036 0045.000000	$1,769.06
HERNANDEZ EDWIN A SOTO	02003C0041.000000	$1,210.97
HERNANDEZ GREGORIO SOTO	12007 0009.000000	$2,690.32
HERNANDEZ GREGORIO SOTO	12007 0008.000000	$2,894.76
HERNANDEZ GREGORIO SOTO	12007 0003.300000	$2,404.27
HERNANDEZ GREGORIO SOTO	12020 0115.000000	$2,385.14
HERNANDEZ IVAN J	05006A0026.000000	$800.27
HERNANDEZ JOEL NOYOLA	02020A0010.000000	$1,119.93
HERNANDEZ JONATHAN LOPEZ	10025 0017.000000	$1,556.36
HERNANDEZ JONATHAN LOPEZ	10025 0018.000000	$21.19
HERNANDEZ JONATHAN IBAL	12012 0013.000000	$2,165.84
HERNANDEZ JUAN CARLOS	09001 0028.000000	$376.37
HERNANDEZ KAY LUBBER	02029G0002.000000	$1,362.79
HERNANDEZ MARY SHANNON	12056B0007.000000	$2,419.22
HERNANDEZ REYNALDO TELLO	04049C0028.000000	$310.26
HERNANDEZ ROBERTO	04010 0038.000000	$1,340.74
HERNANDEZ TEODORO FELIX	01034A0019.000000	$1,226.78
HERNDON EMMA S	02036A0034.000000	$200.00
HERRERA OSCAR RODRIGUEZ	10029 0029.000000	$505.12
HERRING MICHAEL D	11018B0027.000000	$2,195.02
HERRING MICHAEL D	11018B0012.000000	$359.03
HESS YVONNE H	02047 0018.000000	$597.01
HESTER BENNETT D SR	12001A0018.000000	$854.17
HESTER BENNETT D SR	12001A0018.000000	$854.17
HICKMAN PROPERTIES LLC	10010 0019.000000	$41.91
HICHMAN DONALD	12009 0083.000000	$13.11
HICKLEN MARSHALL H ESTATE	11004 0077.000000	$24.73
HICKMAN JANICE S	12033 0062.100000	$1,322.18
HICKS SHON DEMARCUS	12036 0245.000000	$2,768.69
HIDDEN VALLEY COMMUNITY	04037 0056.000000	$80.98
HIGGINS MICHAEL B JR	04027 0116.000000	$2,854.55
HIGH JOHNNY LAMAR	04004 0018.000000	$1,693.92
HIGHTOWER ELIJAH B SR	04069 0033.000000	$2,225.68
HILARIO ERIKA E JUAREZ	12011 0061.000000	$1,489.39
HILARIO ERIKA ELIZABETH JUAREZ	11005 0017.000000	$512.85
HILARIO ERIKA ELIZABETH JUAREZ	11005 0017.000000	$733.14
HILL BETTY JANE & CLETUS O	07003 0020.000000	$23.73
HILL CLETUS O	07003 0006.000000	$139.47
HILL CLETUS O	07002 0018.000000	$11.50
HILL CLETUS O	07003 0005.000000	$1,093.06
HILL CLETUS O	07003 0004.000000	$2,628.24
HILL CLETUS O	07003 0016.000000	$2,463.83
HILL CLETUS O	07003 0030.000000	$1,994.83
HILL CLETUS O	07003 0006.000000	$2,080.50
HILL CLETUS O	07003 0002.000000	$2,986.74
HILL J E REV	12037 0109.000000	$412.34
HILL JOHNATHAN	02029D0292.000000	$7,834.43
HILL LENA BOWEN	04104 0063.000000	$1,213.20
HILL MARK BYRUM	10014 0003.100000	$4,005.91
HILL OREN J	05003A0023.000000	$56.35
HILL ROBIN M	10025 0005.200000	$1,087.32
HILTON RICKY FRANKLIN	04027 0108.000000	$264.42
HILTON THEODORE E ESTATE	10001 0047.700000	$1,694.57
HINES LATROYA	12036 0154.000000	$516.83
HINOJOSA JUAN	09014 0018.000000	$1,063.52
HINOJOSA JUAN	04026 0136.000000	$2,010.96
HINSON DORIS T	02036F0016.000000	$1,177.30
HINSON EMILY B	11055 0001.000000	$147.33
HINSON GERALD W & KIMBERLY M	04109 0072.000000	$1,858.59
HINSON JEREMIAH	02004A0076.000000	$1,084.57
HINSON JERRITA	02029C0143.000000	$2,353.74
HINSON KIMMY L	10004 0011.000000	$3,966.37
HINSON TAMMY RUTH	11010 0110.000000	$1,090.12
HINSON-HAGLER TAMMY RUTH	11010 0115.000000	$2,099.27
HISLOP ENTERPRISE LLC	02042 0007.000000	$592.20
HISLOP ENTERPRISE LLC	02042 0008.000000	$611.43
HODGE MELANIE EAVES	04008 0087.000000	$1,304.68
HODGES JUDY ALEEN	04044 0115.000000	$219.11
HOGATE MATTHEW TYLER	12049 0038.000000	$663.08
HOGGARD CHAD	04020 0041.000000	$1,774.03
HOGGARD LISA WILLIAMS	11061A0011.000000	$492.98
HOGGARD SHIRLEY MCDONALD	02029T0051.000000	$2,075.02
HOLBROOK MICHAEL E	04030 0044.000000	$581.45
HOLDER DWAYNE ELTON	12036 0043.000000	$1,814.03
